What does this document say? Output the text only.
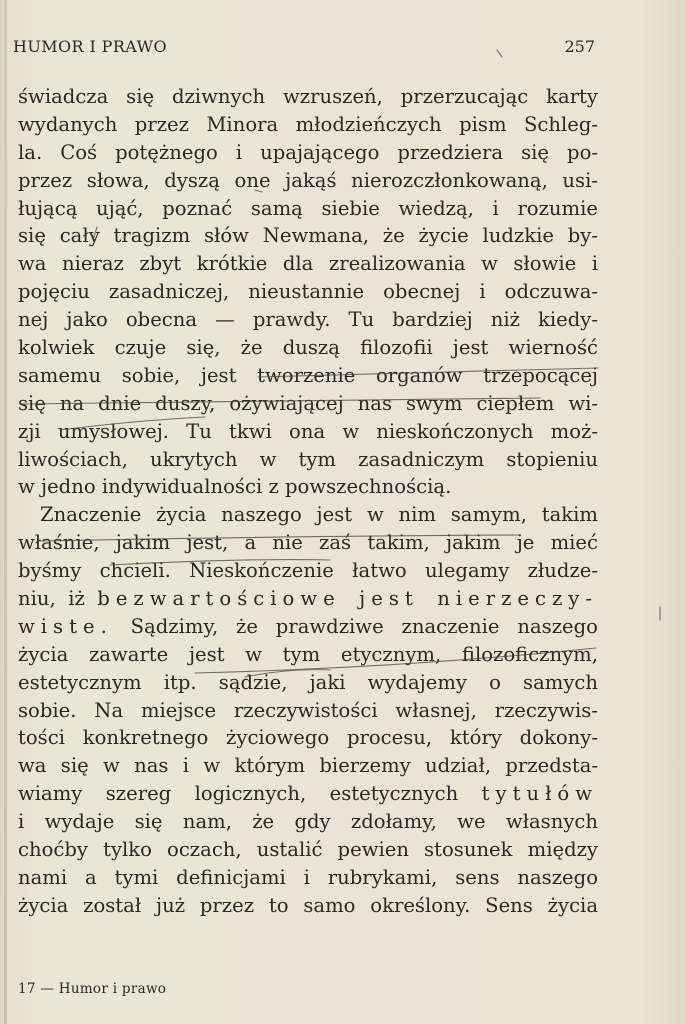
HUMOR I PRAWO	257
świadcza się dziwnych wzruszeń, przerzucając karty
wydanych przez Minora młodzieńczych pism Schleg-
la. Coś potężnego i upajającego przedziera się po-
przez słowa, dyszą one jakąś nierozczłonkowaną, usi-
łującą ująć, poznać samą siebie wiedzą, i rozumie
się cały tragizm słów Newmana, że życie ludzkie by-
wa nieraz zbyt krótkie dla zrealizowania w słowie i
pojęciu zasadniczej, nieustannie obecnej i odczuwa-
nej jako obecna — prawdy. Tu bardziej niż kiedy-
kolwiek czuje się, że duszą filozofii jest wierność
samemu sobie, jest tworzenie organów trzepocącej
się na dnie duszy, ożywiającej nas swym ciepłem wi-
zji umysłowej. Tu tkwi ona w nieskończonych moż-
liwościach, ukrytych w tym zasadniczym stopieniu
w jedno indywidualności z powszechnością.
Znaczenie życia naszego jest w nim samym, takim
właśnie, jakim jest, a nie zaś takim, jakim je mieć
byśmy chcieli. Nieskończenie łatwo ulegamy złudze-
niu, iż bezwartościowe jest nierzeczy-
wiste. Sądzimy, że prawdziwe znaczenie naszego
życia zawarte jest w tym etycznym, filozoficznym,
estetycznym itp. sądzie, jaki wydajemy o samych
sobie. Na miejsce rzeczywistości własnej, rzeczywis-
tości konkretnego życiowego procesu, który dokony-
wa się w nas i w którym bierzemy udział, przedsta-
wiamy szereg logicznych, estetycznych tytułów
i wydaje się nam, że gdy zdołamy, we własnych
choćby tylko oczach, ustalić pewien stosunek między
nami a tymi definicjami i rubrykami, sens naszego
życia został już przez to samo określony. Sens życia
17 — Humor i prawo
